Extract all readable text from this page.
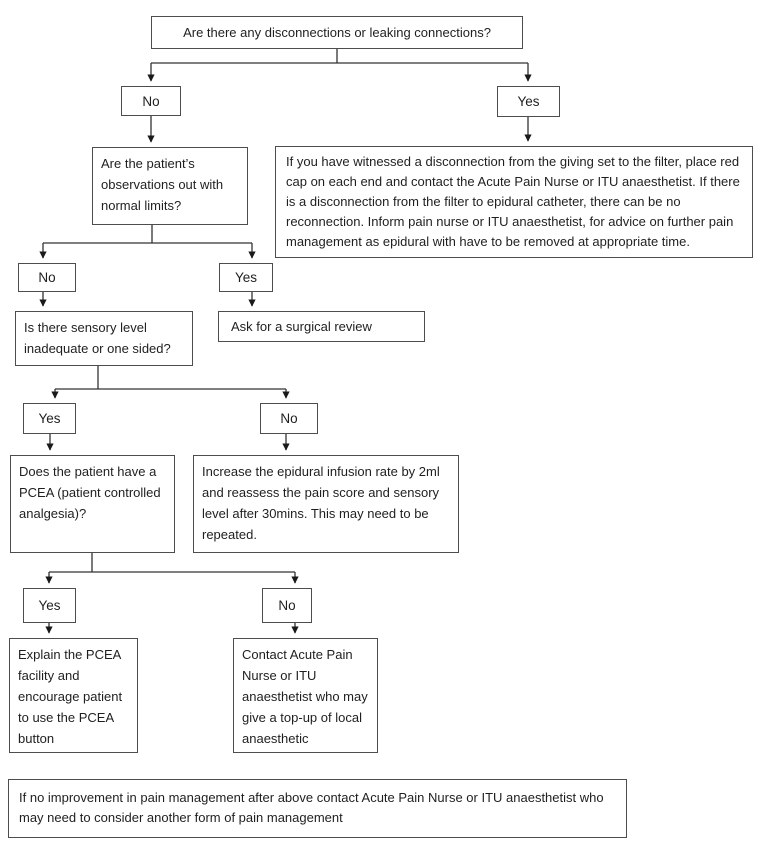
Are there any disconnections or leaking connections?
No	Yes
If you have witnessed a disconnection from the giving set to the filter, place red cap on each end and contact the Acute Pain Nurse or ITU anaesthetist. If there is a disconnection from the filter to epidural catheter, there can be no reconnection. Inform pain nurse or ITU anaesthetist, for advice on further pain management as epidural with have to be removed at appropriate time.
Are the patient’s observations out with normal limits?
No	Yes
Is there sensory level inadequate or one sided?
Ask for a surgical review
Yes	No
Does the patient have a PCEA (patient controlled analgesia)?
Increase the epidural infusion rate by 2ml and reassess the pain score and sensory level after 30mins. This may need to be repeated.
Yes	No
Explain the PCEA facility and encourage patient to use the PCEA button
Contact Acute Pain Nurse or ITU anaesthetist who may give a top-up of local anaesthetic
If no improvement in pain management after above contact Acute Pain Nurse or ITU anaesthetist who may need to consider another form of pain management
